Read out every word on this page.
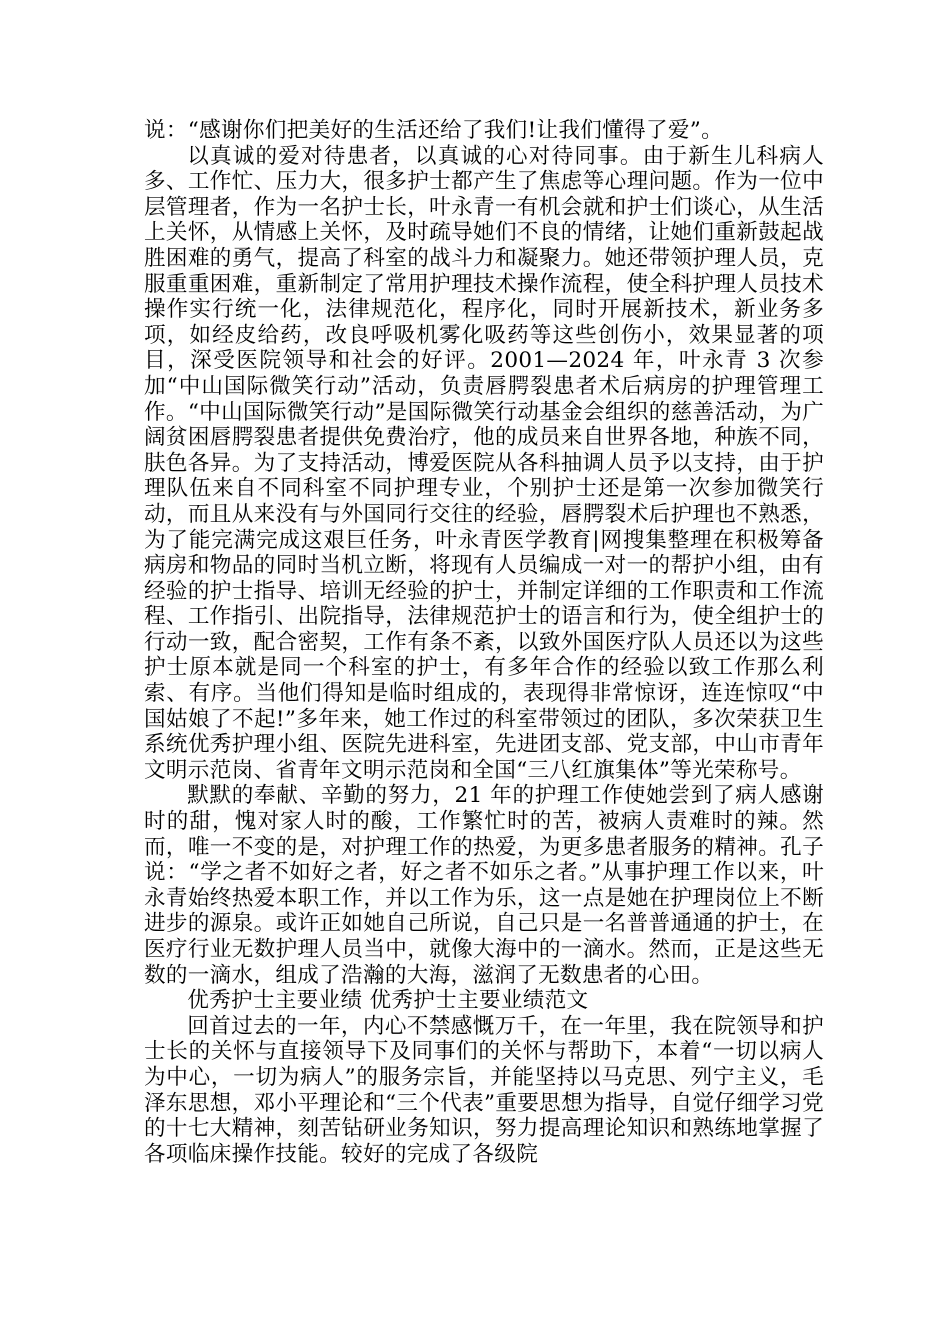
说：“感谢你们把美好的生活还给了我们!让我们懂得了爱”。

以真诚的爱对待患者，以真诚的心对待同事。由于新生儿科病人多、工作忙、压力大，很多护士都产生了焦虑等心理问题。作为一位中层管理者，作为一名护士长，叶永青一有机会就和护士们谈心，从生活上关怀，从情感上关怀，及时疏导她们不良的情绪，让她们重新鼓起战胜困难的勇气，提高了科室的战斗力和凝聚力。她还带领护理人员，克服重重困难，重新制定了常用护理技术操作流程，使全科护理人员技术操作实行统一化，法律规范化，程序化，同时开展新技术，新业务多项，如经皮给药，改良呼吸机雾化吸药等这些创伤小，效果显著的项目，深受医院领导和社会的好评。2001—2024 年，叶永青 3 次参加“中山国际微笑行动”活动，负责唇腭裂患者术后病房的护理管理工作。“中山国际微笑行动”是国际微笑行动基金会组织的慈善活动，为广阔贫困唇腭裂患者提供免费治疗，他的成员来自世界各地，种族不同，肤色各异。为了支持活动，博爱医院从各科抽调人员予以支持，由于护理队伍来自不同科室不同护理专业，个别护士还是第一次参加微笑行动，而且从来没有与外国同行交往的经验，唇腭裂术后护理也不熟悉，为了能完满完成这艰巨任务，叶永青医学教育|网搜集整理在积极筹备病房和物品的同时当机立断，将现有人员编成一对一的帮护小组，由有经验的护士指导、培训无经验的护士，并制定详细的工作职责和工作流程、工作指引、出院指导，法律规范护士的语言和行为，使全组护士的行动一致，配合密契，工作有条不紊，以致外国医疗队人员还以为这些护士原本就是同一个科室的护士，有多年合作的经验以致工作那么利索、有序。当他们得知是临时组成的，表现得非常惊讶，连连惊叹“中国姑娘了不起!”多年来，她工作过的科室带领过的团队，多次荣获卫生系统优秀护理小组、医院先进科室，先进团支部、党支部，中山市青年文明示范岗、省青年文明示范岗和全国“三八红旗集体”等光荣称号。

默默的奉献、辛勤的努力，21 年的护理工作使她尝到了病人感谢时的甜，愧对家人时的酸，工作繁忙时的苦，被病人责难时的辣。然而，唯一不变的是，对护理工作的热爱，为更多患者服务的精神。孔子说：“学之者不如好之者，好之者不如乐之者。”从事护理工作以来，叶永青始终热爱本职工作，并以工作为乐，这一点是她在护理岗位上不断进步的源泉。或许正如她自己所说，自己只是一名普普通通的护士，在医疗行业无数护理人员当中，就像大海中的一滴水。然而，正是这些无数的一滴水，组成了浩瀚的大海，滋润了无数患者的心田。

优秀护士主要业绩 优秀护士主要业绩范文

回首过去的一年，内心不禁感慨万千，在一年里，我在院领导和护士长的关怀与直接领导下及同事们的关怀与帮助下，本着“一切以病人为中心，一切为病人”的服务宗旨，并能坚持以马克思、列宁主义，毛泽东思想，邓小平理论和“三个代表”重要思想为指导，自觉仔细学习党的十七大精神，刻苦钻研业务知识，努力提高理论知识和熟练地掌握了各项临床操作技能。较好的完成了各级院
